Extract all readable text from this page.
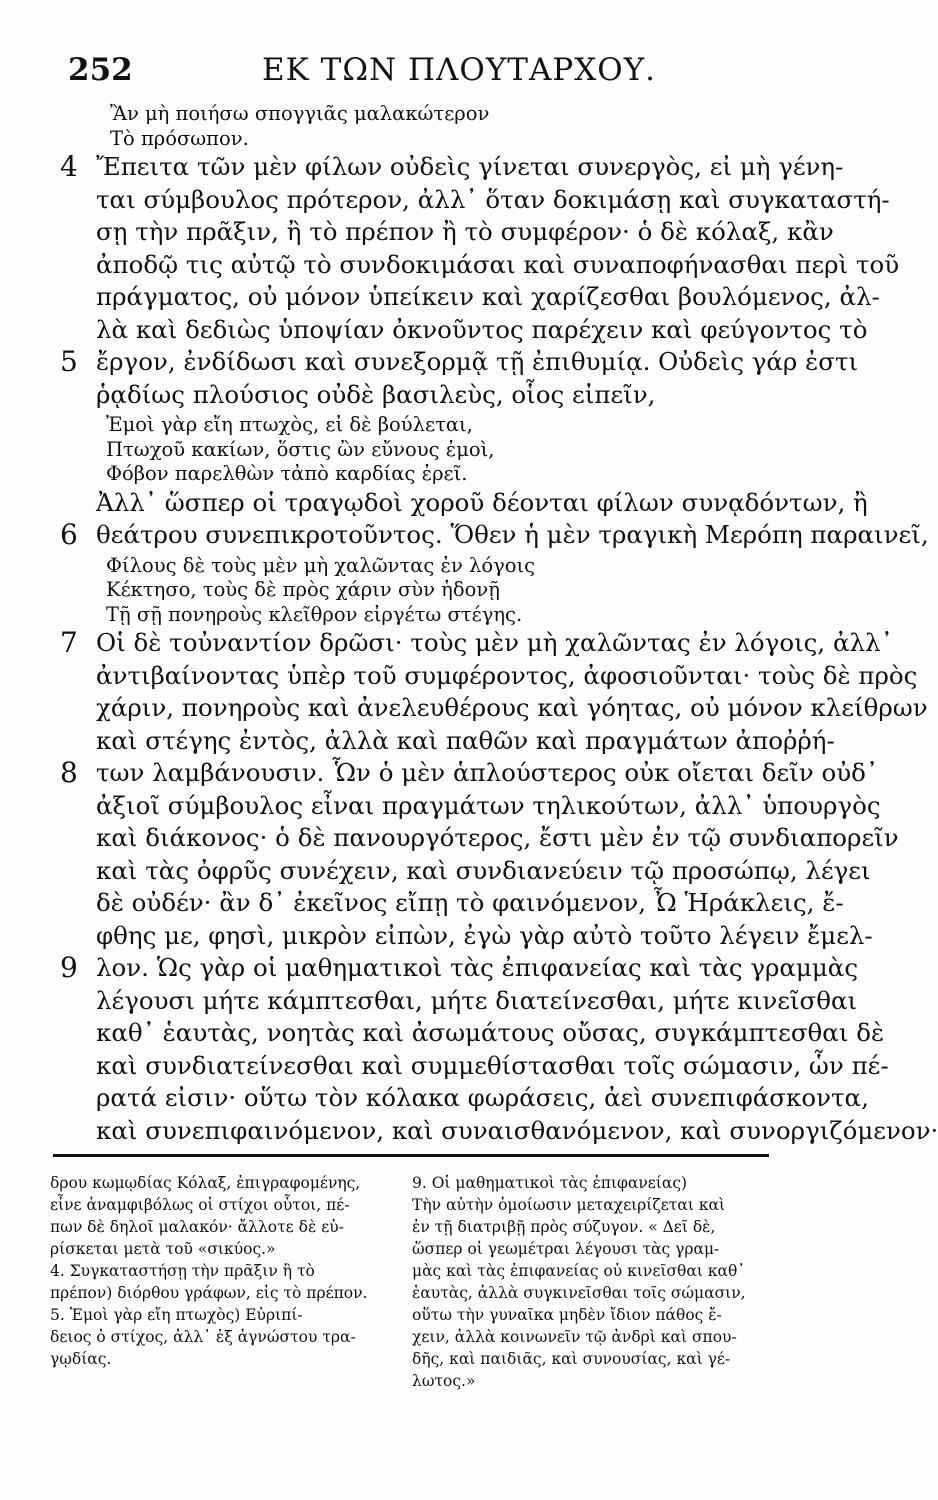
252	ΕΚ ΤΩΝ ΠΛΟΥΤΑΡΧΟΥ.
Ἂν μὴ ποιήσω σπογγιᾶς μαλακώτερον
Τὸ πρόσωπον.
4 Ἔπειτα τῶν μὲν φίλων οὐδεὶς γίνεται συνεργὸς, εἰ μὴ γένη-
ται σύμβουλος πρότερον, ἀλλ᾽ ὅταν δοκιμάσῃ καὶ συγκαταστή-
σῃ τὴν πρᾶξιν, ἢ τὸ πρέπον ἢ τὸ συμφέρον· ὁ δὲ κόλαξ, κἂν
ἀποδῷ τις αὐτῷ τὸ συνδοκιμάσαι καὶ συναποφήνασθαι περὶ τοῦ
πράγματος, οὐ μόνον ὑπείκειν καὶ χαρίζεσθαι βουλόμενος, ἀλ-
λὰ καὶ δεδιὼς ὑποψίαν ὀκνοῦντος παρέχειν καὶ φεύγοντος τὸ
5 ἔργον, ἐνδίδωσι καὶ συνεξορμᾷ τῇ ἐπιθυμίᾳ. Οὐδεὶς γάρ ἐστι
ῥᾳδίως πλούσιος οὐδὲ βασιλεὺς, οἷος εἰπεῖν,
Ἐμοὶ γὰρ εἴη πτωχὸς, εἰ δὲ βούλεται,
Πτωχοῦ κακίων, ὅστις ὢν εὔνους ἐμοὶ,
Φόβον παρελθὼν τἀπὸ καρδίας ἐρεῖ.
Ἀλλ᾽ ὥσπερ οἱ τραγῳδοὶ χοροῦ δέονται φίλων συνᾳδόντων, ἢ
6 θεάτρου συνεπικροτοῦντος. Ὅθεν ἡ μὲν τραγικὴ Μερόπη παραινεῖ,
Φίλους δὲ τοὺς μὲν μὴ χαλῶντας ἐν λόγοις
Κέκτησο, τοὺς δὲ πρὸς χάριν σὺν ἡδονῇ
Τῇ σῇ πονηροὺς κλεῖθρον εἰργέτω στέγης.
7 Οἱ δὲ τοὐναντίον δρῶσι· τοὺς μὲν μὴ χαλῶντας ἐν λόγοις, ἀλλ᾽
ἀντιβαίνοντας ὑπὲρ τοῦ συμφέροντος, ἀφοσιοῦνται· τοὺς δὲ πρὸς
χάριν, πονηροὺς καὶ ἀνελευθέρους καὶ γόητας, οὐ μόνον κλείθρων
καὶ στέγης ἐντὸς, ἀλλὰ καὶ παθῶν καὶ πραγμάτων ἀποῤῥή-
8 των λαμβάνουσιν. Ὧν ὁ μὲν ἁπλούστερος οὐκ οἴεται δεῖν οὐδ᾽
ἀξιοῖ σύμβουλος εἶναι πραγμάτων τηλικούτων, ἀλλ᾽ ὑπουργὸς
καὶ διάκονος· ὁ δὲ πανουργότερος, ἔστι μὲν ἐν τῷ συνδιαπορεῖν
καὶ τὰς ὀφρῦς συνέχειν, καὶ συνδιανεύειν τῷ προσώπῳ, λέγει
δὲ οὐδέν· ἂν δ᾽ ἐκεῖνος εἴπῃ τὸ φαινόμενον, Ὦ Ἡράκλεις, ἔ-
φθης με, φησὶ, μικρὸν εἰπὼν, ἐγὼ γὰρ αὐτὸ τοῦτο λέγειν ἔμελ-
9 λον. Ὡς γὰρ οἱ μαθηματικοὶ τὰς ἐπιφανείας καὶ τὰς γραμμὰς
λέγουσι μήτε κάμπτεσθαι, μήτε διατείνεσθαι, μήτε κινεῖσθαι
καθ᾽ ἑαυτὰς, νοητὰς καὶ ἀσωμάτους οὔσας, συγκάμπτεσθαι δὲ
καὶ συνδιατείνεσθαι καὶ συμμεθίστασθαι τοῖς σώμασιν, ὧν πέ-
ρατά εἰσιν· οὕτω τὸν κόλακα φωράσεις, ἀεὶ συνεπιφάσκοντα,
καὶ συνεπιφαινόμενον, καὶ συναισθανόμενον, καὶ συνοργιζόμενον·
δρου κωμῳδίας Κόλαξ, ἐπιγραφομένης,
εἶνε ἀναμφιβόλως οἱ στίχοι οὗτοι, πέ-
πων δὲ δηλοῖ μαλακόν· ἄλλοτε δὲ εὑ-
ρίσκεται μετὰ τοῦ «σικύος.»
4. Συγκαταστήσῃ τὴν πρᾶξιν ἢ τὸ
πρέπον) διόρθου γράφων, εἰς τὸ πρέπον.
5. Ἐμοὶ γὰρ εἴη πτωχὸς) Εὐριπί-
δειος ὁ στίχος, ἀλλ᾽ ἐξ ἀγνώστου τρα-
γῳδίας.
9. Οἱ μαθηματικοὶ τὰς ἐπιφανείας)
Τὴν αὐτὴν ὁμοίωσιν μεταχειρίζεται καὶ
ἐν τῇ διατριβῇ πρὸς σύζυγον. « Δεῖ δὲ,
ὥσπερ οἱ γεωμέτραι λέγουσι τὰς γραμ-
μὰς καὶ τὰς ἐπιφανείας οὐ κινεῖσθαι καθ᾽
ἑαυτὰς, ἀλλὰ συγκινεῖσθαι τοῖς σώμασιν,
οὕτω τὴν γυναῖκα μηδὲν ἴδιον πάθος ἔ-
χειν, ἀλλὰ κοινωνεῖν τῷ ἀνδρὶ καὶ σπου-
δῆς, καὶ παιδιᾶς, καὶ συνουσίας, καὶ γέ-
λωτος.»
